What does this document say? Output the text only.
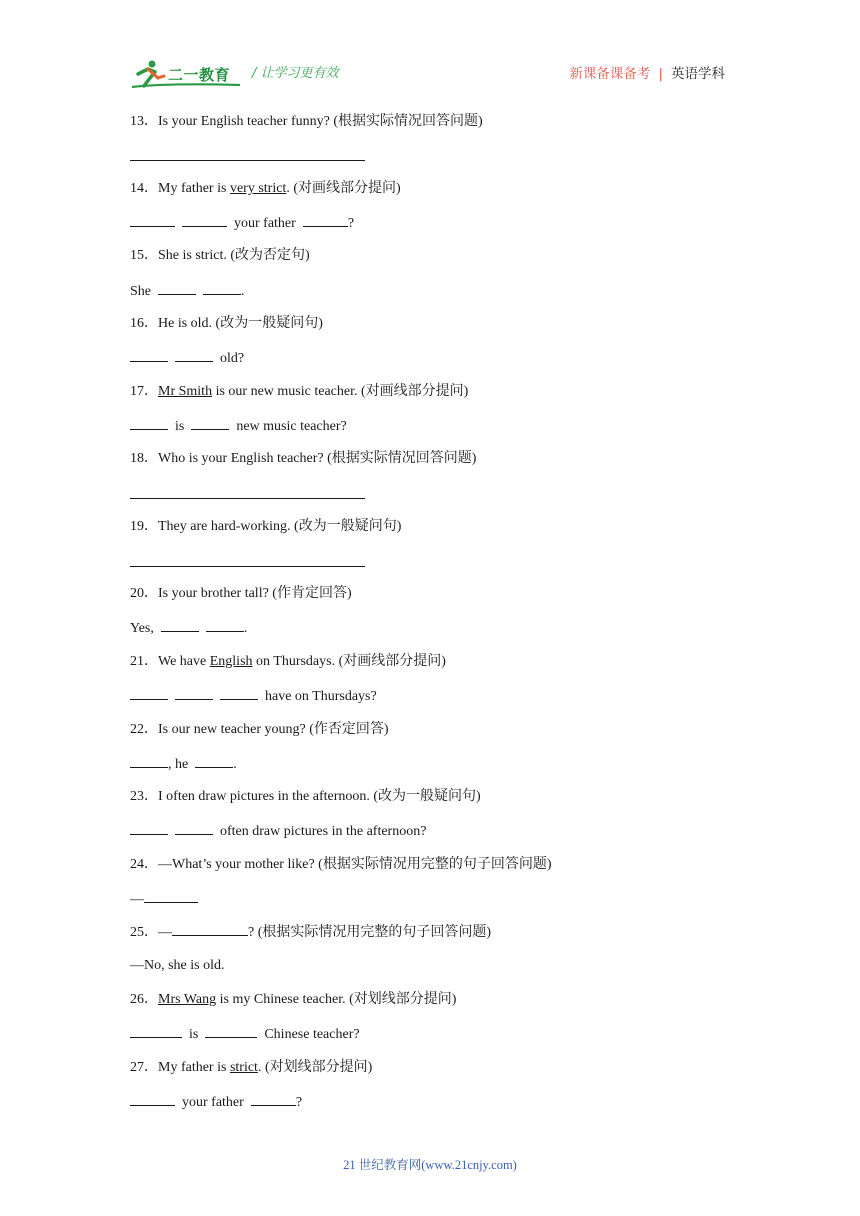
二一教育 / 让学习更有效	新课备课备考 | 英语学科
13．Is your English teacher funny? (根据实际情况回答问题)
14．My father is very strict. (对画线部分提问)
your father	?
15．She is strict. (改为否定句)
She	.
16．He is old. (改为一般疑问句)
old?
17．Mr Smith is our new music teacher. (对画线部分提问)
is	new music teacher?
18．Who is your English teacher? (根据实际情况回答问题)
19．They are hard-working. (改为一般疑问句)
20．Is your brother tall? (作肯定回答)
Yes,	.
21．We have English on Thursdays. (对画线部分提问)
have on Thursdays?
22．Is our new teacher young? (作否定回答)
, he	.
23．I often draw pictures in the afternoon. (改为一般疑问句)
often draw pictures in the afternoon?
24．—What’s your mother like? (根据实际情况用完整的句子回答问题)
—
25．—	? (根据实际情况用完整的句子回答问题)
—No, she is old.
26．Mrs Wang is my Chinese teacher. (对划线部分提问)
is	Chinese teacher?
27．My father is strict. (对划线部分提问)
your father	?
21 世纪教育网(www.21cnjy.com)
